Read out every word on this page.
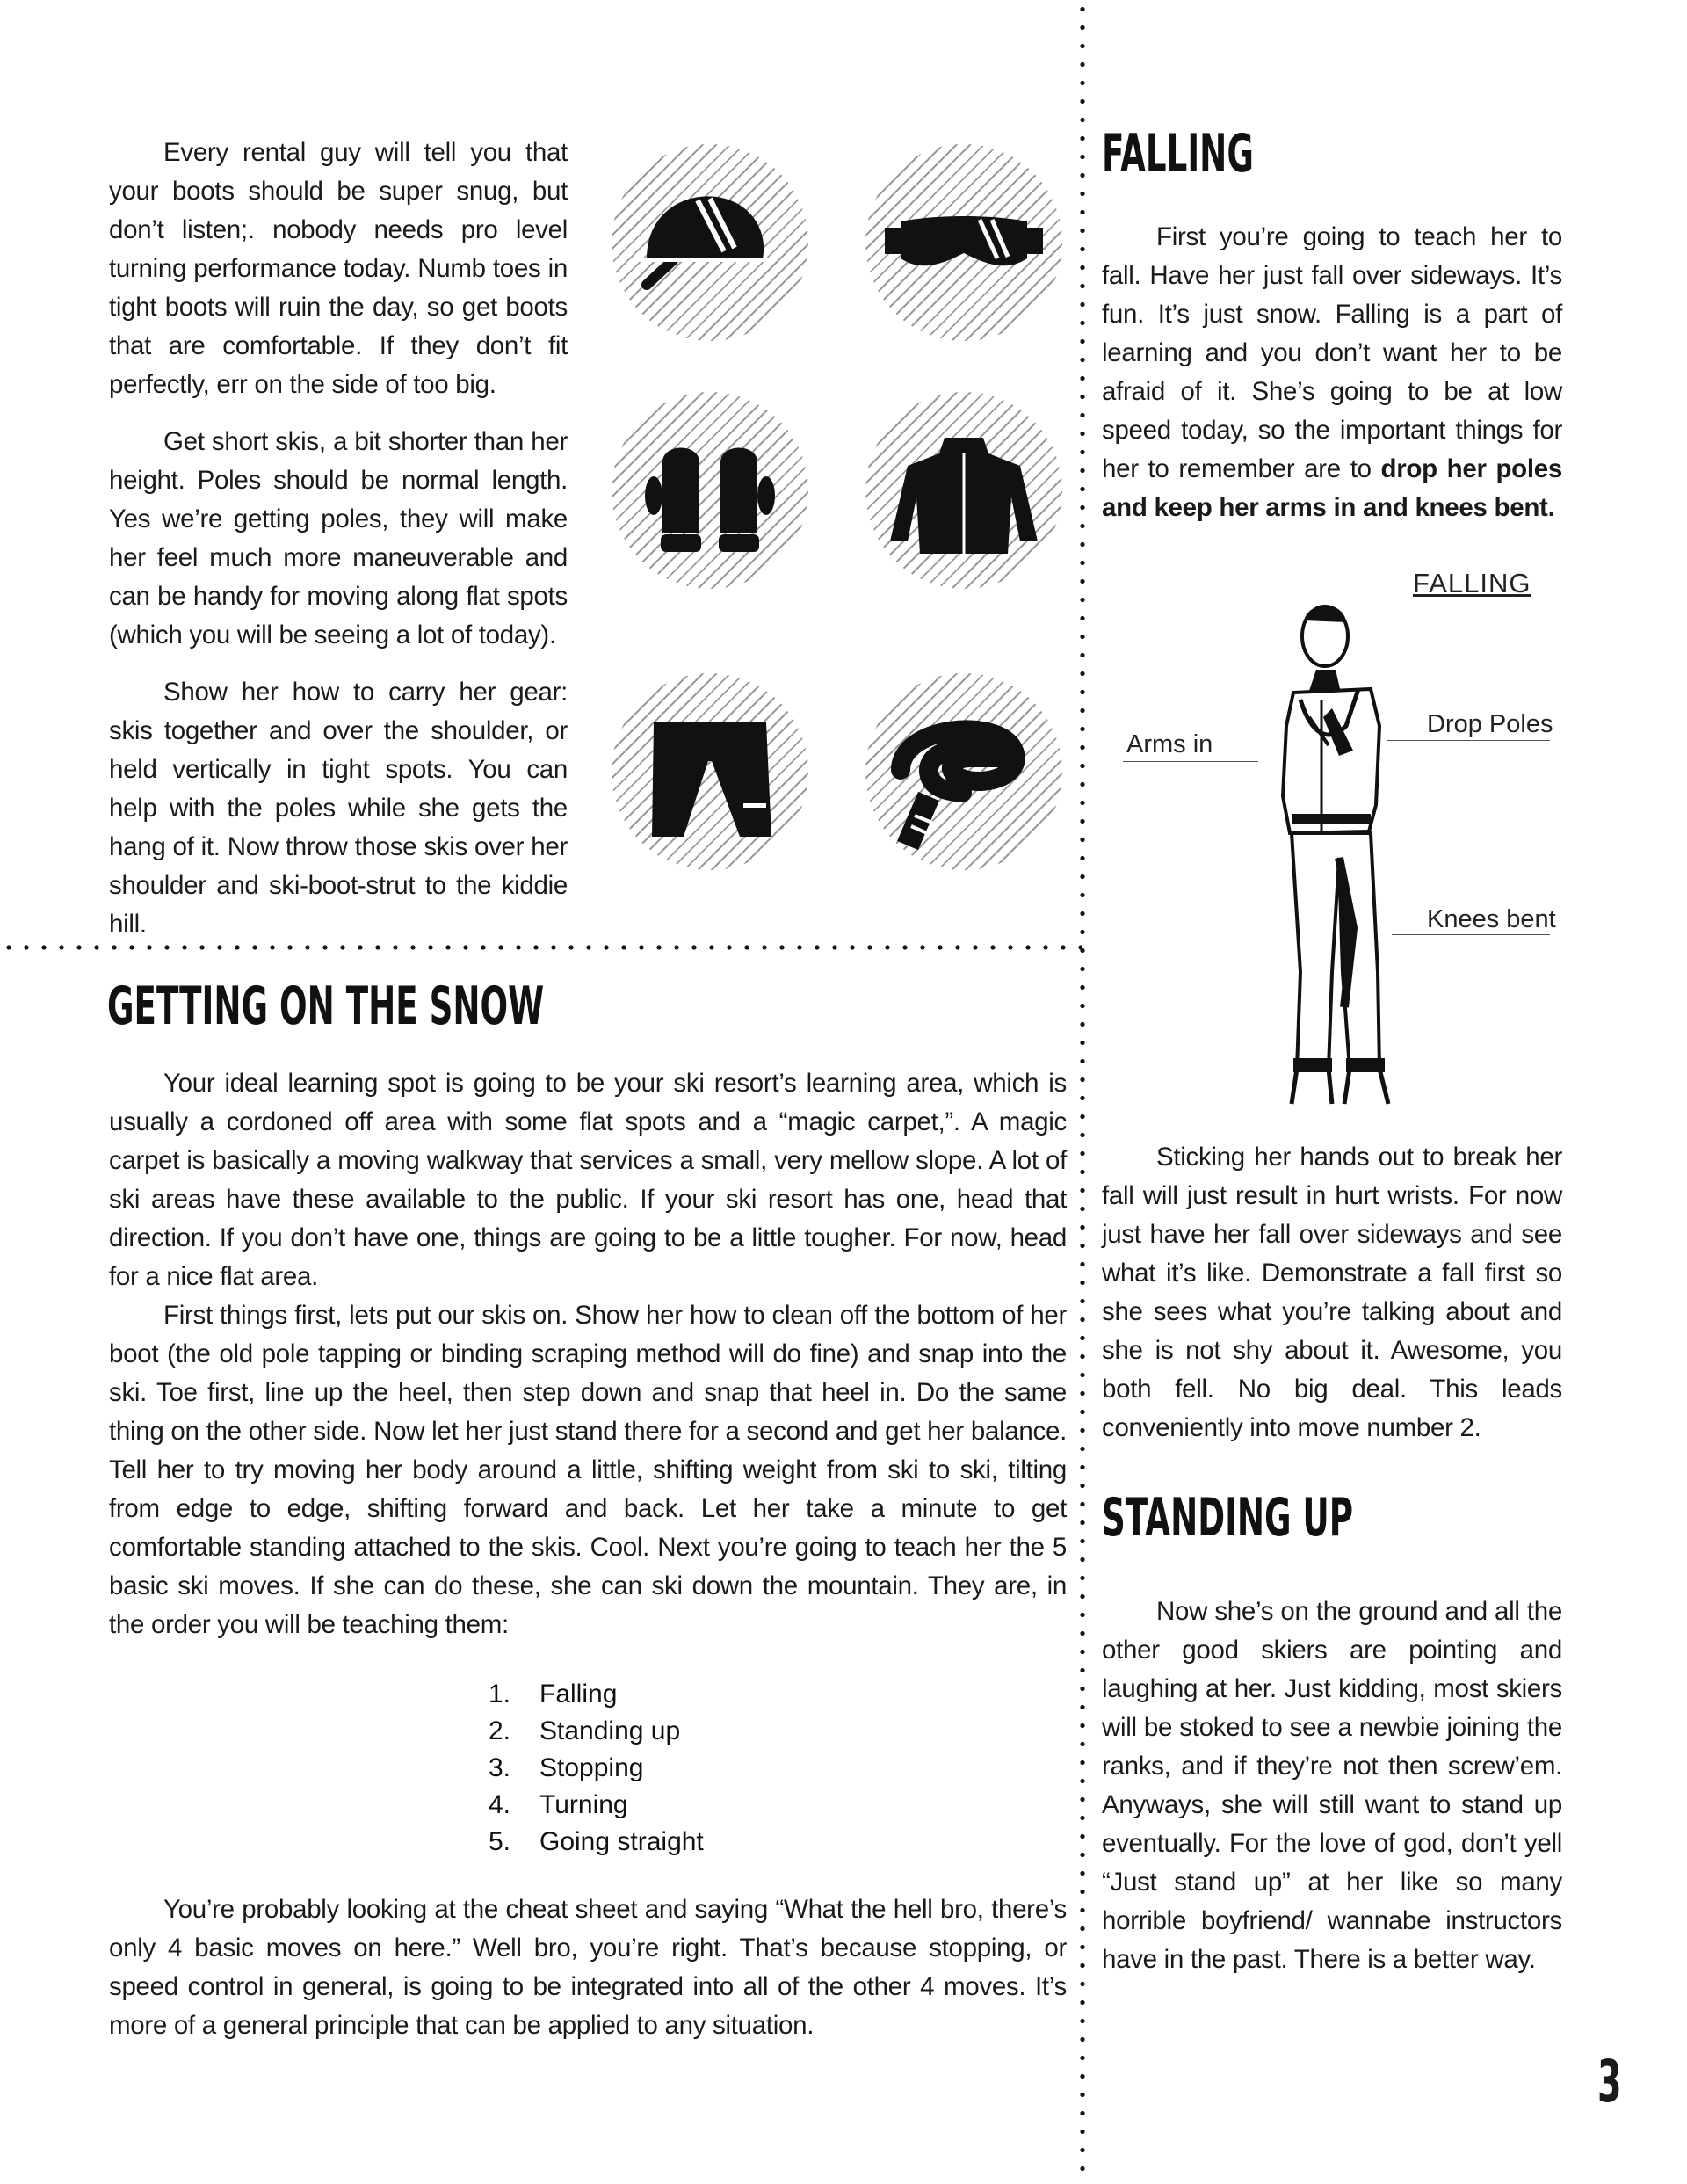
Every rental guy will tell you that your boots should be super snug, but don’t listen;. nobody needs pro level turning performance today. Numb toes in tight boots will ruin the day, so get boots that are comfortable. If they don’t fit perfectly, err on the side of too big.

Get short skis, a bit shorter than her height. Poles should be normal length. Yes we’re getting poles, they will make her feel much more maneuverable and can be handy for moving along flat spots (which you will be seeing a lot of today).

Show her how to carry her gear: skis together and over the shoulder, or held vertically in tight spots. You can help with the poles while she gets the hang of it. Now throw those skis over her shoulder and ski-boot-strut to the kiddie hill.

GETTING ON THE SNOW

Your ideal learning spot is going to be your ski resort’s learning area, which is usually a cordoned off area with some flat spots and a “magic carpet,”. A magic carpet is basically a moving walkway that services a small, very mellow slope. A lot of ski areas have these available to the public. If your ski resort has one, head that direction. If you don’t have one, things are going to be a little tougher. For now, head for a nice flat area.

First things first, lets put our skis on. Show her how to clean off the bottom of her boot (the old pole tapping or binding scraping method will do fine) and snap into the ski. Toe first, line up the heel, then step down and snap that heel in. Do the same thing on the other side. Now let her just stand there for a second and get her balance. Tell her to try moving her body around a little, shifting weight from ski to ski, tilting from edge to edge, shifting forward and back. Let her take a minute to get comfortable standing attached to the skis. Cool. Next you’re going to teach her the 5 basic ski moves. If she can do these, she can ski down the mountain. They are, in the order you will be teaching them:

1.	Falling
2.	Standing up
3.	Stopping
4.	Turning
5.	Going straight

You’re probably looking at the cheat sheet and saying “What the hell bro, there’s only 4 basic moves on here.” Well bro, you’re right. That’s because stopping, or speed control in general, is going to be integrated into all of the other 4 moves. It’s more of a general principle that can be applied to any situation.

FALLING

First you’re going to teach her to fall. Have her just fall over sideways. It’s fun. It’s just snow. Falling is a part of learning and you don’t want her to be afraid of it. She’s going to be at low speed today, so the important things for her to remember are to drop her poles and keep her arms in and knees bent.

FALLING
Arms in
Drop Poles
Knees bent

Sticking her hands out to break her fall will just result in hurt wrists. For now just have her fall over sideways and see what it’s like. Demonstrate a fall first so she sees what you’re talking about and she is not shy about it. Awesome, you both fell. No big deal. This leads conveniently into move number 2.

STANDING UP

Now she’s on the ground and all the other good skiers are pointing and laughing at her. Just kidding, most skiers will be stoked to see a newbie joining the ranks, and if they’re not then screw’em. Anyways, she will still want to stand up eventually. For the love of god, don’t yell “Just stand up” at her like so many horrible boyfriend/ wannabe instructors have in the past. There is a better way.

3
